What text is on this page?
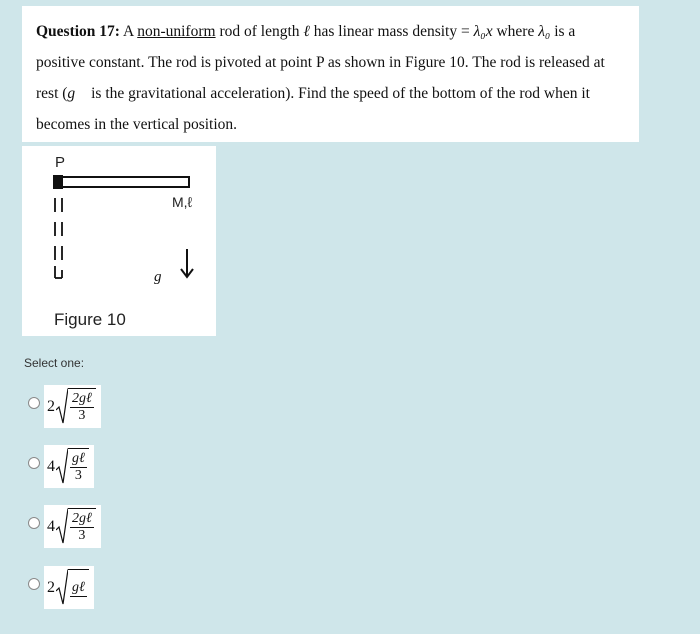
Question 17: A non-uniform rod of length ℓ has linear mass density = λ₀x where λ₀ is a positive constant. The rod is pivoted at point P as shown in Figure 10. The rod is released at rest (g⃗ is the gravitational acceleration). Find the speed of the bottom of the rod when it becomes in the vertical position.

P
M,ℓ
g⃗
Figure 10
Select one:
$2 \frac{\text{2gℓ}}{3}$
$4 \frac{\text{gℓ}}{3}$
$4 \frac{\text{2gℓ}}{3}$
2 gℓ
